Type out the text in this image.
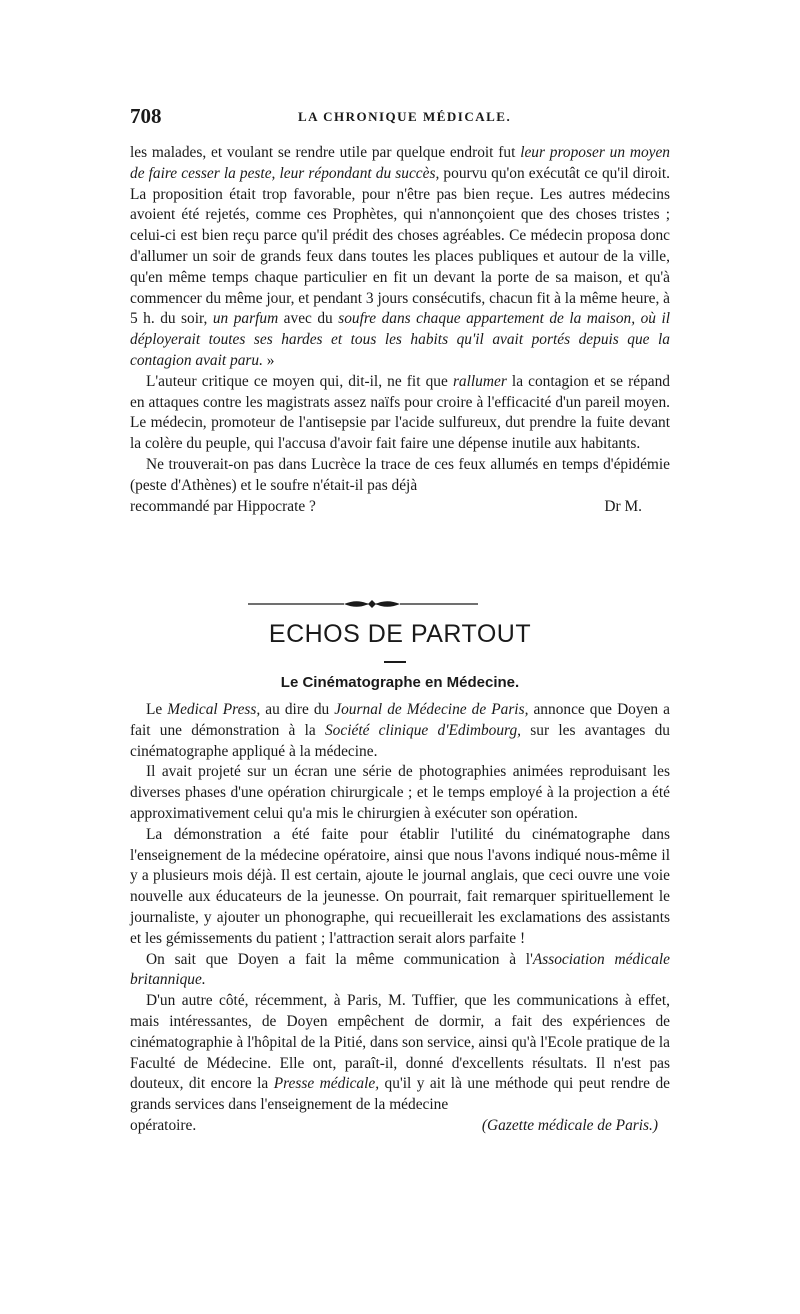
708	LA CHRONIQUE MÉDICALE.

les malades, et voulant se rendre utile par quelque endroit fut leur proposer un moyen de faire cesser la peste, leur répondant du succès, pourvu qu'on exécutât ce qu'il diroit. La proposition était trop favorable, pour n'être pas bien reçue. Les autres médecins avoient été rejetés, comme ces Prophètes, qui n'annonçoient que des choses tristes ; celui-ci est bien reçu parce qu'il prédit des choses agréables. Ce médecin proposa donc d'allumer un soir de grands feux dans toutes les places publiques et autour de la ville, qu'en même temps chaque particulier en fit un devant la porte de sa maison, et qu'à commencer du même jour, et pendant 3 jours consécutifs, chacun fit à la même heure, à 5 h. du soir, un parfum avec du soufre dans chaque appartement de la maison, où il déployerait toutes ses hardes et tous les habits qu'il avait portés depuis que la contagion avait paru. »

L'auteur critique ce moyen qui, dit-il, ne fit que rallumer la contagion et se répand en attaques contre les magistrats assez naïfs pour croire à l'efficacité d'un pareil moyen. Le médecin, promoteur de l'antisepsie par l'acide sulfureux, dut prendre la fuite devant la colère du peuple, qui l'accusa d'avoir fait faire une dépense inutile aux habitants.

Ne trouverait-on pas dans Lucrèce la trace de ces feux allumés en temps d'épidémie (peste d'Athènes) et le soufre n'était-il pas déjà

recommandé par Hippocrate ?	Dr M.
ECHOS DE PARTOUT
Le Cinématographe en Médecine.

Le Medical Press, au dire du Journal de Médecine de Paris, annonce que Doyen a fait une démonstration à la Société clinique d'Edimbourg, sur les avantages du cinématographe appliqué à la médecine.

Il avait projeté sur un écran une série de photographies animées reproduisant les diverses phases d'une opération chirurgicale ; et le temps employé à la projection a été approximativement celui qu'a mis le chirurgien à exécuter son opération.

La démonstration a été faite pour établir l'utilité du cinématographe dans l'enseignement de la médecine opératoire, ainsi que nous l'avons indiqué nous-même il y a plusieurs mois déjà. Il est certain, ajoute le journal anglais, que ceci ouvre une voie nouvelle aux éducateurs de la jeunesse. On pourrait, fait remarquer spirituellement le journaliste, y ajouter un phonographe, qui recueillerait les exclamations des assistants et les gémissements du patient ; l'attraction serait alors parfaite !

On sait que Doyen a fait la même communication à l'Association médicale britannique.

D'un autre côté, récemment, à Paris, M. Tuffier, que les communications à effet, mais intéressantes, de Doyen empêchent de dormir, a fait des expériences de cinématographie à l'hôpital de la Pitié, dans son service, ainsi qu'à l'Ecole pratique de la Faculté de Médecine. Elle ont, paraît-il, donné d'excellents résultats. Il n'est pas douteux, dit encore la Presse médicale, qu'il y ait là une méthode qui peut rendre de grands services dans l'enseignement de la médecine

opératoire.	(Gazette médicale de Paris.)
